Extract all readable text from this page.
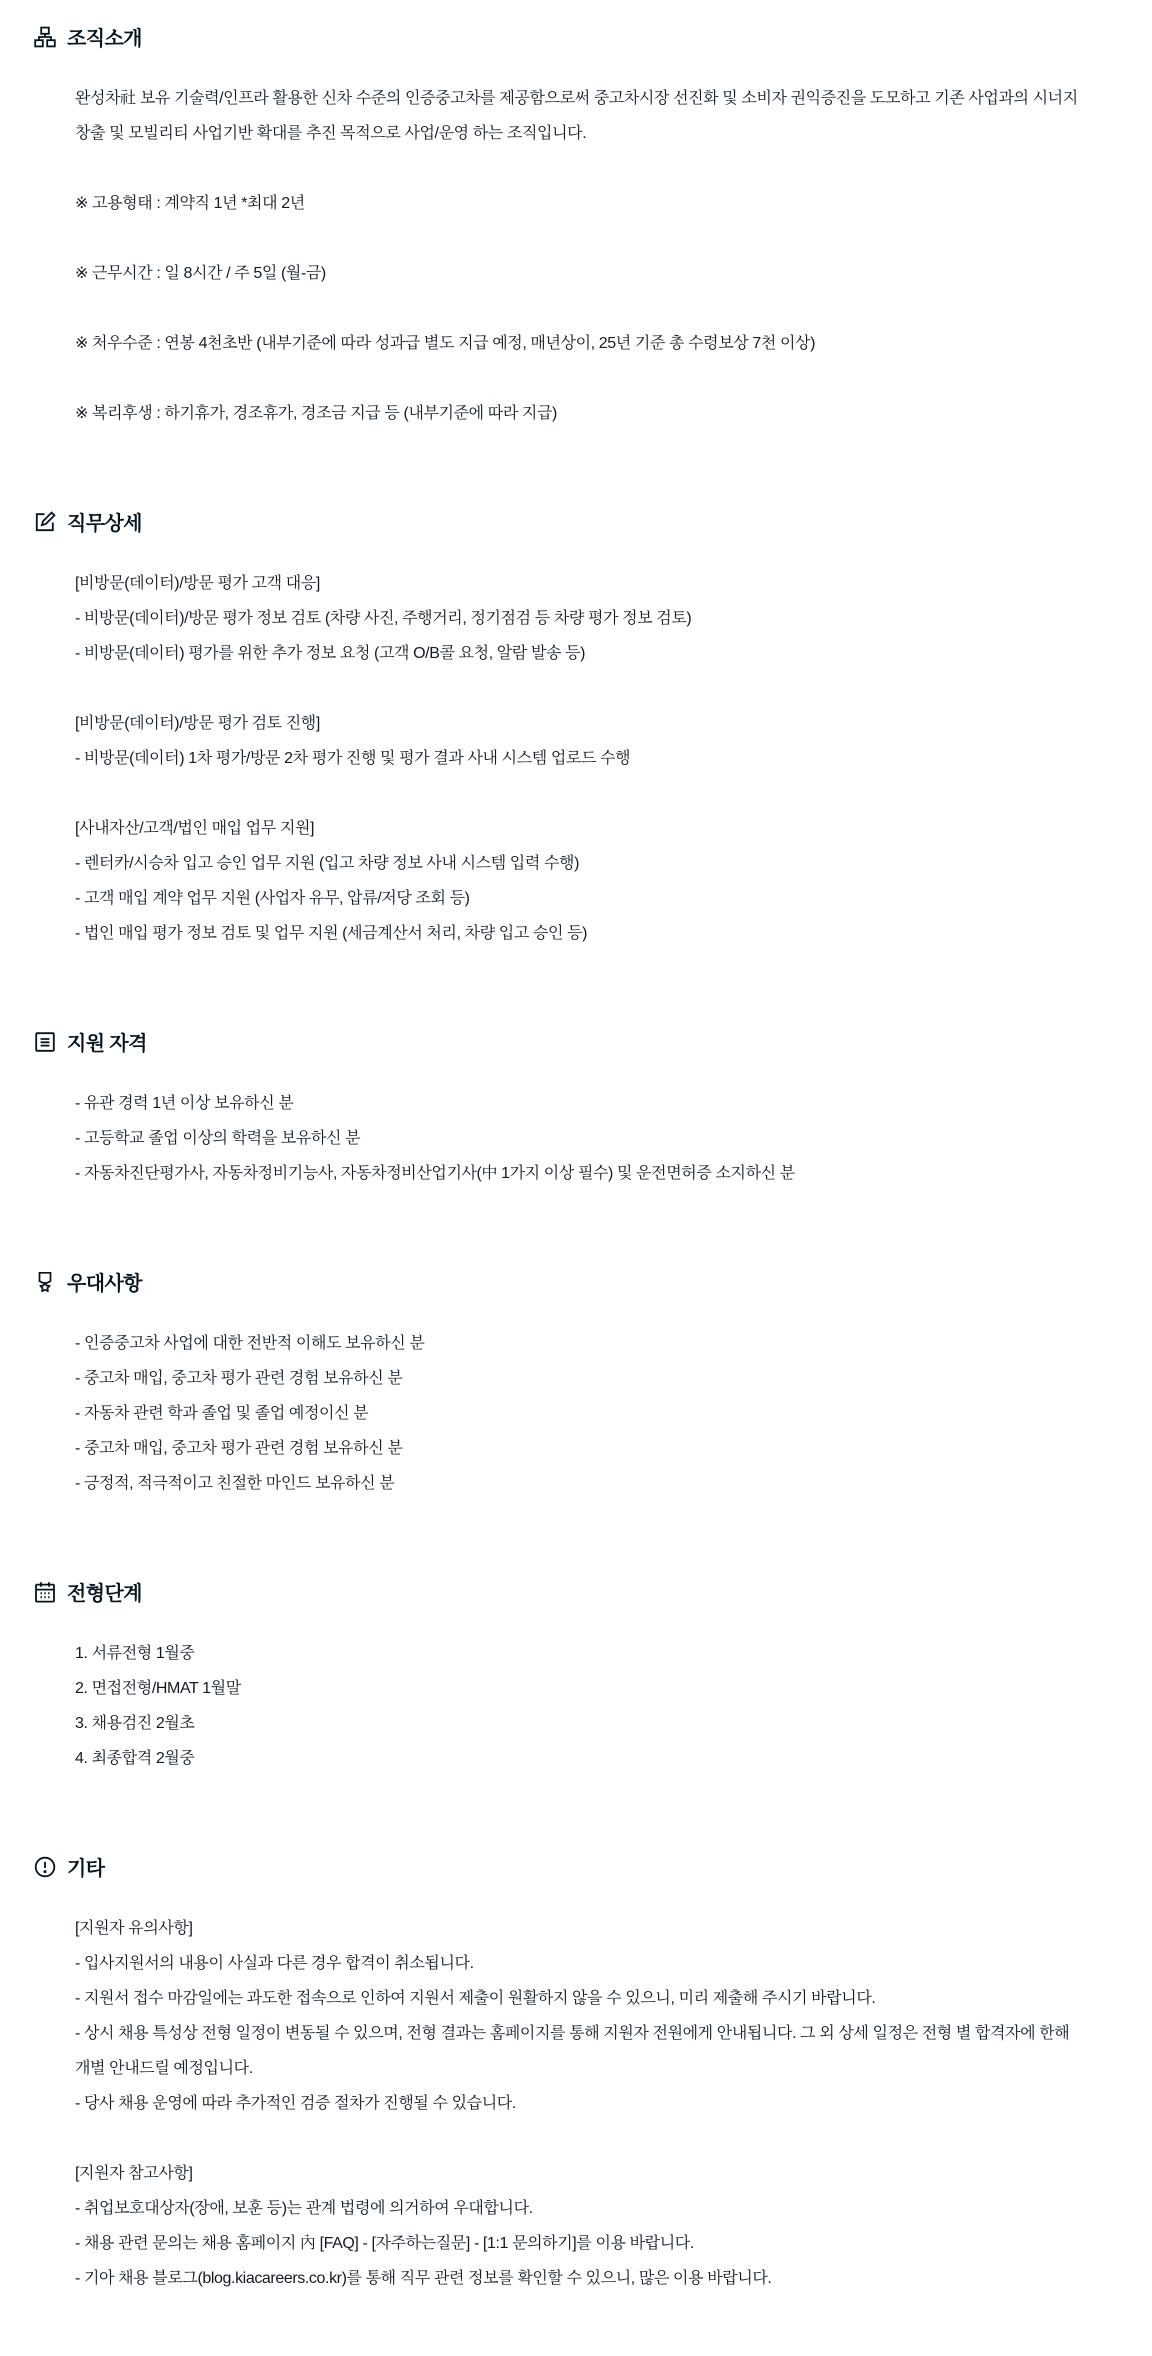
조직소개

완성차社 보유 기술력/인프라 활용한 신차 수준의 인증중고차를 제공함으로써 중고차시장 선진화 및 소비자 권익증진을 도모하고 기존 사업과의 시너지 창출 및 모빌리티 사업기반 확대를 추진 목적으로 사업/운영 하는 조직입니다.

※ 고용형태 : 계약직 1년 *최대 2년

※ 근무시간 : 일 8시간 / 주 5일 (월-금)

※ 처우수준 : 연봉 4천초반 (내부기준에 따라 성과급 별도 지급 예정, 매년상이, 25년 기준 총 수령보상 7천 이상)

※ 복리후생 : 하기휴가, 경조휴가, 경조금 지급 등 (내부기준에 따라 지급)

직무상세

[비방문(데이터)/방문 평가 고객 대응]

- 비방문(데이터)/방문 평가 정보 검토 (차량 사진, 주행거리, 정기점검 등 차량 평가 정보 검토)

- 비방문(데이터) 평가를 위한 추가 정보 요청 (고객 O/B콜 요청, 알람 발송 등)

[비방문(데이터)/방문 평가 검토 진행]

- 비방문(데이터) 1차 평가/방문 2차 평가 진행 및 평가 결과 사내 시스템 업로드 수행

[사내자산/고객/법인 매입 업무 지원]

- 렌터카/시승차 입고 승인 업무 지원 (입고 차량 정보 사내 시스템 입력 수행)

- 고객 매입 계약 업무 지원 (사업자 유무, 압류/저당 조회 등)

- 법인 매입 평가 정보 검토 및 업무 지원 (세금계산서 처리, 차량 입고 승인 등)

지원 자격

- 유관 경력 1년 이상 보유하신 분

- 고등학교 졸업 이상의 학력을 보유하신 분

- 자동차진단평가사, 자동차정비기능사, 자동차정비산업기사(中 1가지 이상 필수) 및 운전면허증 소지하신 분

우대사항

- 인증중고차 사업에 대한 전반적 이해도 보유하신 분

- 중고차 매입, 중고차 평가 관련 경험 보유하신 분

- 자동차 관련 학과 졸업 및 졸업 예정이신 분

- 중고차 매입, 중고차 평가 관련 경험 보유하신 분

- 긍정적, 적극적이고 친절한 마인드 보유하신 분

전형단계

1. 서류전형 1월중

2. 면접전형/HMAT 1월말

3. 채용검진 2월초

4. 최종합격 2월중

기타

[지원자 유의사항]

- 입사지원서의 내용이 사실과 다른 경우 합격이 취소됩니다.

- 지원서 접수 마감일에는 과도한 접속으로 인하여 지원서 제출이 원활하지 않을 수 있으니, 미리 제출해 주시기 바랍니다.

- 상시 채용 특성상 전형 일정이 변동될 수 있으며, 전형 결과는 홈페이지를 통해 지원자 전원에게 안내됩니다. 그 외 상세 일정은 전형 별 합격자에 한해 개별 안내드릴 예정입니다.

- 당사 채용 운영에 따라 추가적인 검증 절차가 진행될 수 있습니다.

[지원자 참고사항]

- 취업보호대상자(장애, 보훈 등)는 관계 법령에 의거하여 우대합니다.

- 채용 관련 문의는 채용 홈페이지 內 [FAQ] - [자주하는질문] - [1:1 문의하기]를 이용 바랍니다.

- 기아 채용 블로그(blog.kiacareers.co.kr)를 통해 직무 관련 정보를 확인할 수 있으니, 많은 이용 바랍니다.
